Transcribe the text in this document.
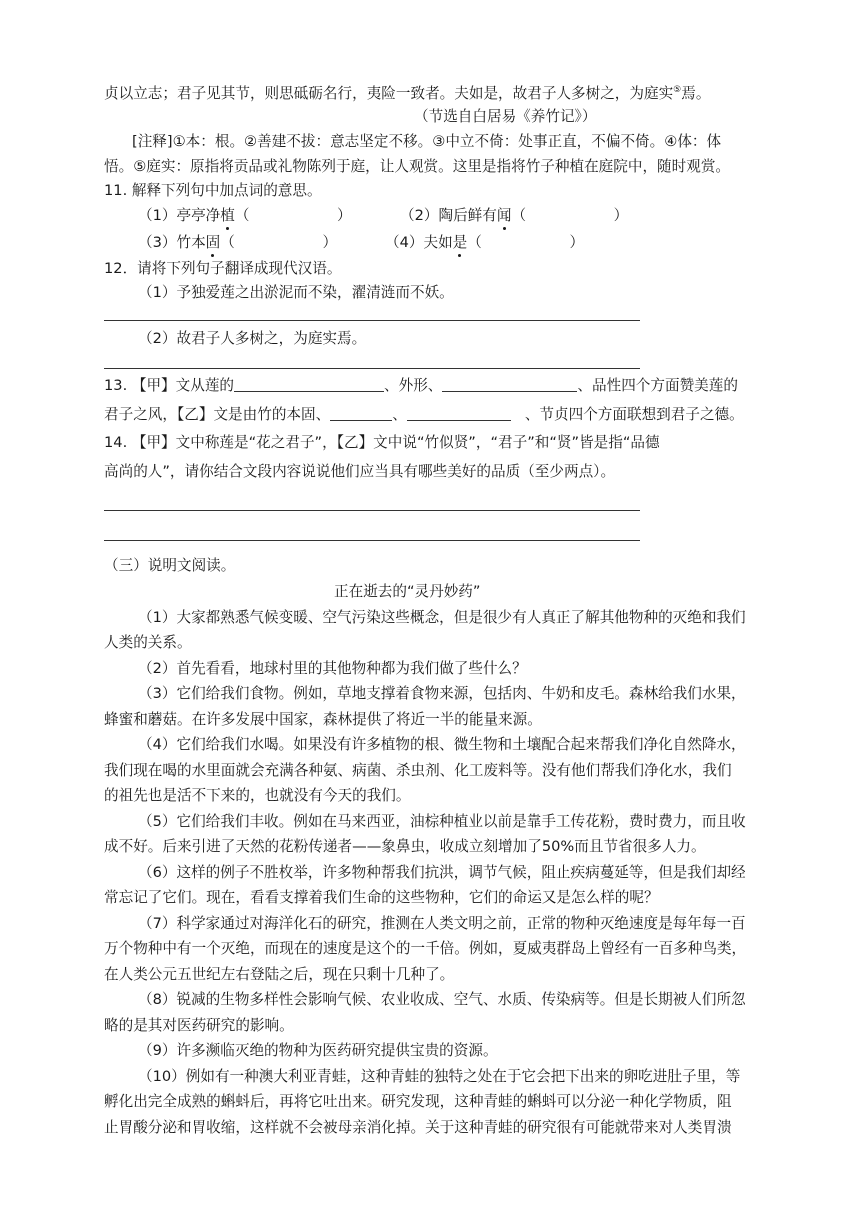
贞以立志；君子见其节，则思砥砺名行，夷险一致者。夫如是，故君子人多树之，为庭实⑤焉。
（节选自白居易《养竹记》）
[注释]①本：根。②善建不拔：意志坚定不移。③中立不倚：处事正直，不偏不倚。④体：体
悟。⑤庭实：原指将贡品或礼物陈列于庭，让人观赏。这里是指将竹子种植在庭院中，随时观赏。
11. 解释下列句中加点词的意思。
（1）亭亭净植（　　　　　　）	（2）陶后鲜有闻（　　　　　　）
（3）竹本固（　　　　　　）	（4）夫如是（　　　　　　）
12．请将下列句子翻译成现代汉语。
（1）予独爱莲之出淤泥而不染，濯清涟而不妖。
（2）故君子人多树之，为庭实焉。
13. 【甲】文从莲的	、外形、	、品性四个方面赞美莲的
君子之风，【乙】文是由竹的本固、	、	、节贞四个方面联想到君子之德。
14. 【甲】文中称莲是“花之君子”，【乙】文中说“竹似贤”，“君子”和“贤”皆是指“品德
高尚的人”，请你结合文段内容说说他们应当具有哪些美好的品质（至少两点）。
（三）说明文阅读。
正在逝去的“灵丹妙药”
（1）大家都熟悉气候变暖、空气污染这些概念，但是很少有人真正了解其他物种的灭绝和我们
人类的关系。
（2）首先看看，地球村里的其他物种都为我们做了些什么？
（3）它们给我们食物。例如，草地支撑着食物来源，包括肉、牛奶和皮毛。森林给我们水果，
蜂蜜和蘑菇。在许多发展中国家，森林提供了将近一半的能量来源。
（4）它们给我们水喝。如果没有许多植物的根、微生物和土壤配合起来帮我们净化自然降水，
我们现在喝的水里面就会充满各种氨、病菌、杀虫剂、化工废料等。没有他们帮我们净化水，我们
的祖先也是活不下来的，也就没有今天的我们。
（5）它们给我们丰收。例如在马来西亚，油棕种植业以前是靠手工传花粉，费时费力，而且收
成不好。后来引进了天然的花粉传递者——象鼻虫，收成立刻增加了50%而且节省很多人力。
（6）这样的例子不胜枚举，许多物种帮我们抗洪，调节气候，阻止疾病蔓延等，但是我们却经
常忘记了它们。现在，看看支撑着我们生命的这些物种，它们的命运又是怎么样的呢？
（7）科学家通过对海洋化石的研究，推测在人类文明之前，正常的物种灭绝速度是每年每一百
万个物种中有一个灭绝，而现在的速度是这个的一千倍。例如，夏威夷群岛上曾经有一百多种鸟类，
在人类公元五世纪左右登陆之后，现在只剩十几种了。
（8）锐减的生物多样性会影响气候、农业收成、空气、水质、传染病等。但是长期被人们所忽
略的是其对医药研究的影响。
（9）许多濒临灭绝的物种为医药研究提供宝贵的资源。
（10）例如有一种澳大利亚青蛙，这种青蛙的独特之处在于它会把下出来的卵吃进肚子里，等
孵化出完全成熟的蝌蚪后，再将它吐出来。研究发现，这种青蛙的蝌蚪可以分泌一种化学物质，阻
止胃酸分泌和胃收缩，这样就不会被母亲消化掉。关于这种青蛙的研究很有可能就带来对人类胃溃
